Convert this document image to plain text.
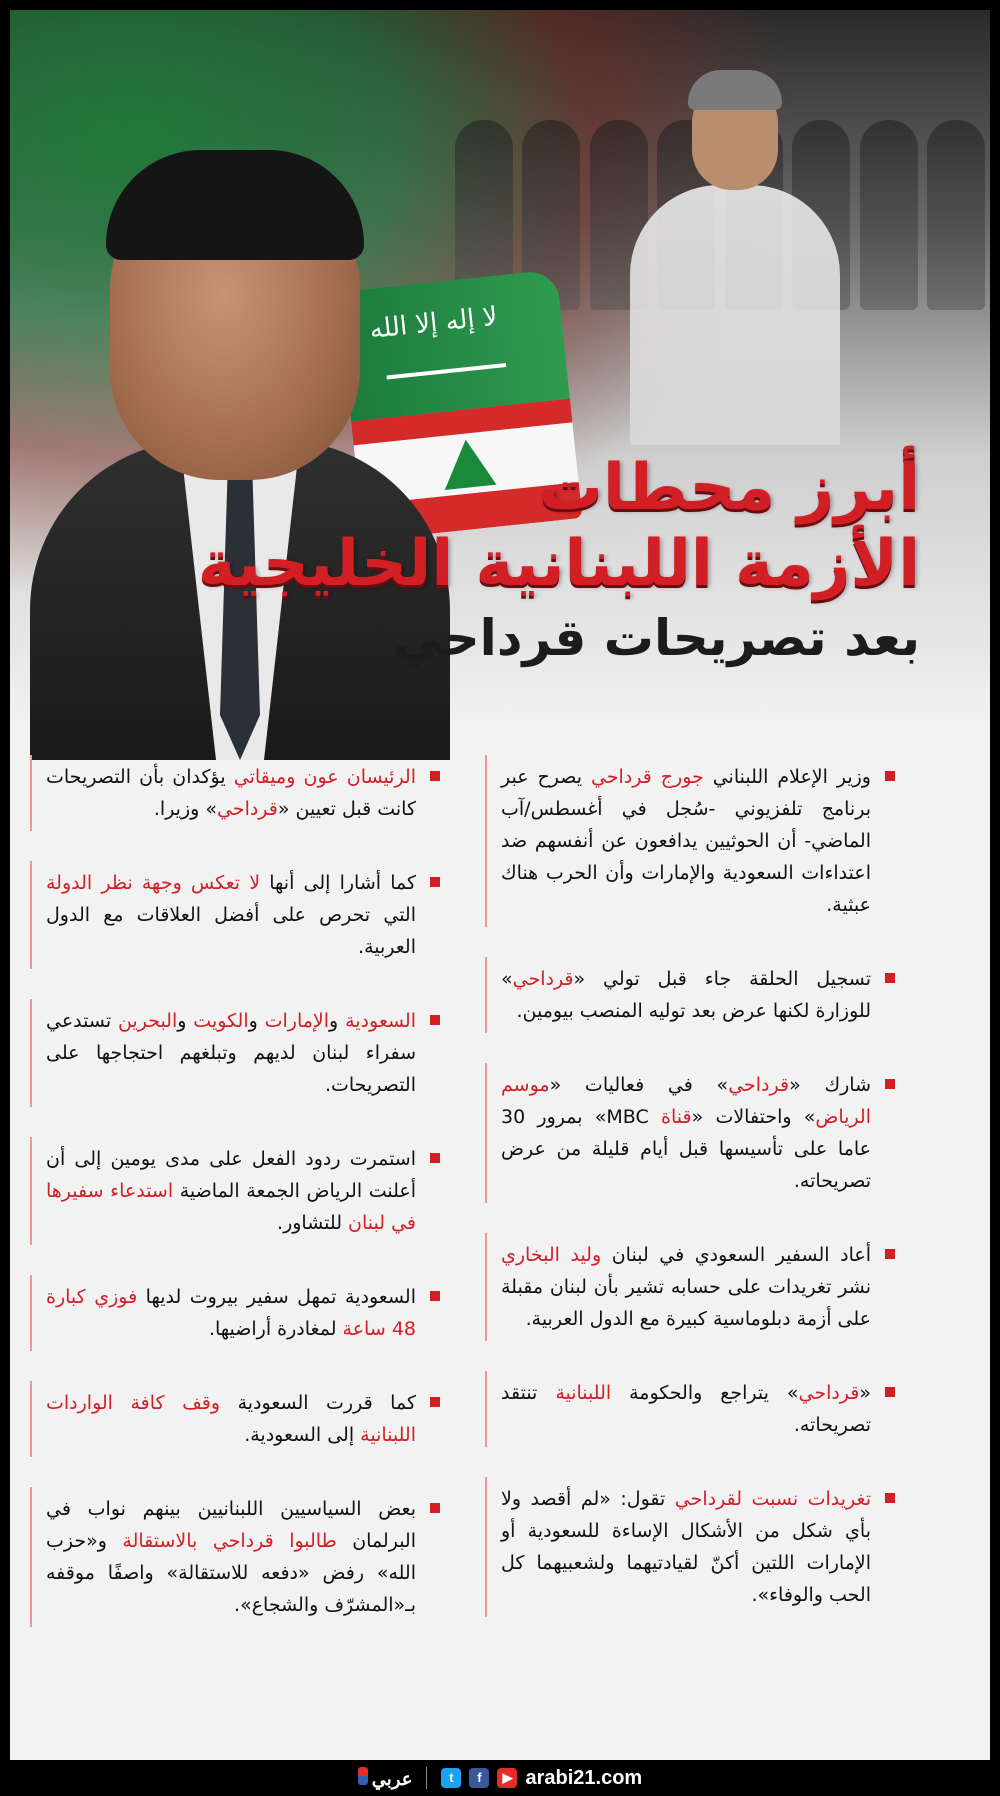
لا إله إلا الله
أبرز محطات
الأزمة اللبنانية الخليجية
بعد تصريحات قرداحي
وزير الإعلام اللبناني جورج قرداحي يصرح عبر برنامج تلفزيوني -سُجل في أغسطس/آب الماضي- أن الحوثيين يدافعون عن أنفسهم ضد اعتداءات السعودية والإمارات وأن الحرب هناك عبثية.
تسجيل الحلقة جاء قبل تولي «قرداحي» للوزارة لكنها عرض بعد توليه المنصب بيومين.
شارك «قرداحي» في فعاليات «موسم الرياض» واحتفالات «قناة MBC» بمرور 30 عاما على تأسيسها قبل أيام قليلة من عرض تصريحاته.
أعاد السفير السعودي في لبنان وليد البخاري نشر تغريدات على حسابه تشير بأن لبنان مقبلة على أزمة دبلوماسية كبيرة مع الدول العربية.
«قرداحي» يتراجع والحكومة اللبنانية تنتقد تصريحاته.
تغريدات نسبت لقرداحي تقول: «لم أقصد ولا بأي شكل من الأشكال الإساءة للسعودية أو الإمارات اللتين أكنّ لقيادتيهما ولشعبيهما كل الحب والوفاء».
الرئيسان عون وميقاتي يؤكدان بأن التصريحات كانت قبل تعيين «قرداحي» وزيرا.
كما أشارا إلى أنها لا تعكس وجهة نظر الدولة التي تحرص على أفضل العلاقات مع الدول العربية.
السعودية والإمارات والكويت والبحرين تستدعي سفراء لبنان لديهم وتبلغهم احتجاجها على التصريحات.
استمرت ردود الفعل على مدى يومين إلى أن أعلنت الرياض الجمعة الماضية استدعاء سفيرها في لبنان للتشاور.
السعودية تمهل سفير بيروت لديها فوزي كبارة 48 ساعة لمغادرة أراضيها.
كما قررت السعودية وقف كافة الواردات اللبنانية إلى السعودية.
بعض السياسيين اللبنانيين بينهم نواب في البرلمان طالبوا قرداحي بالاستقالة و«حزب الله» رفض «دفعه للاستقالة» واصفًا موقفه بـ«المشرّف والشجاع».
عربي	t	f	▶ arabi21.com
